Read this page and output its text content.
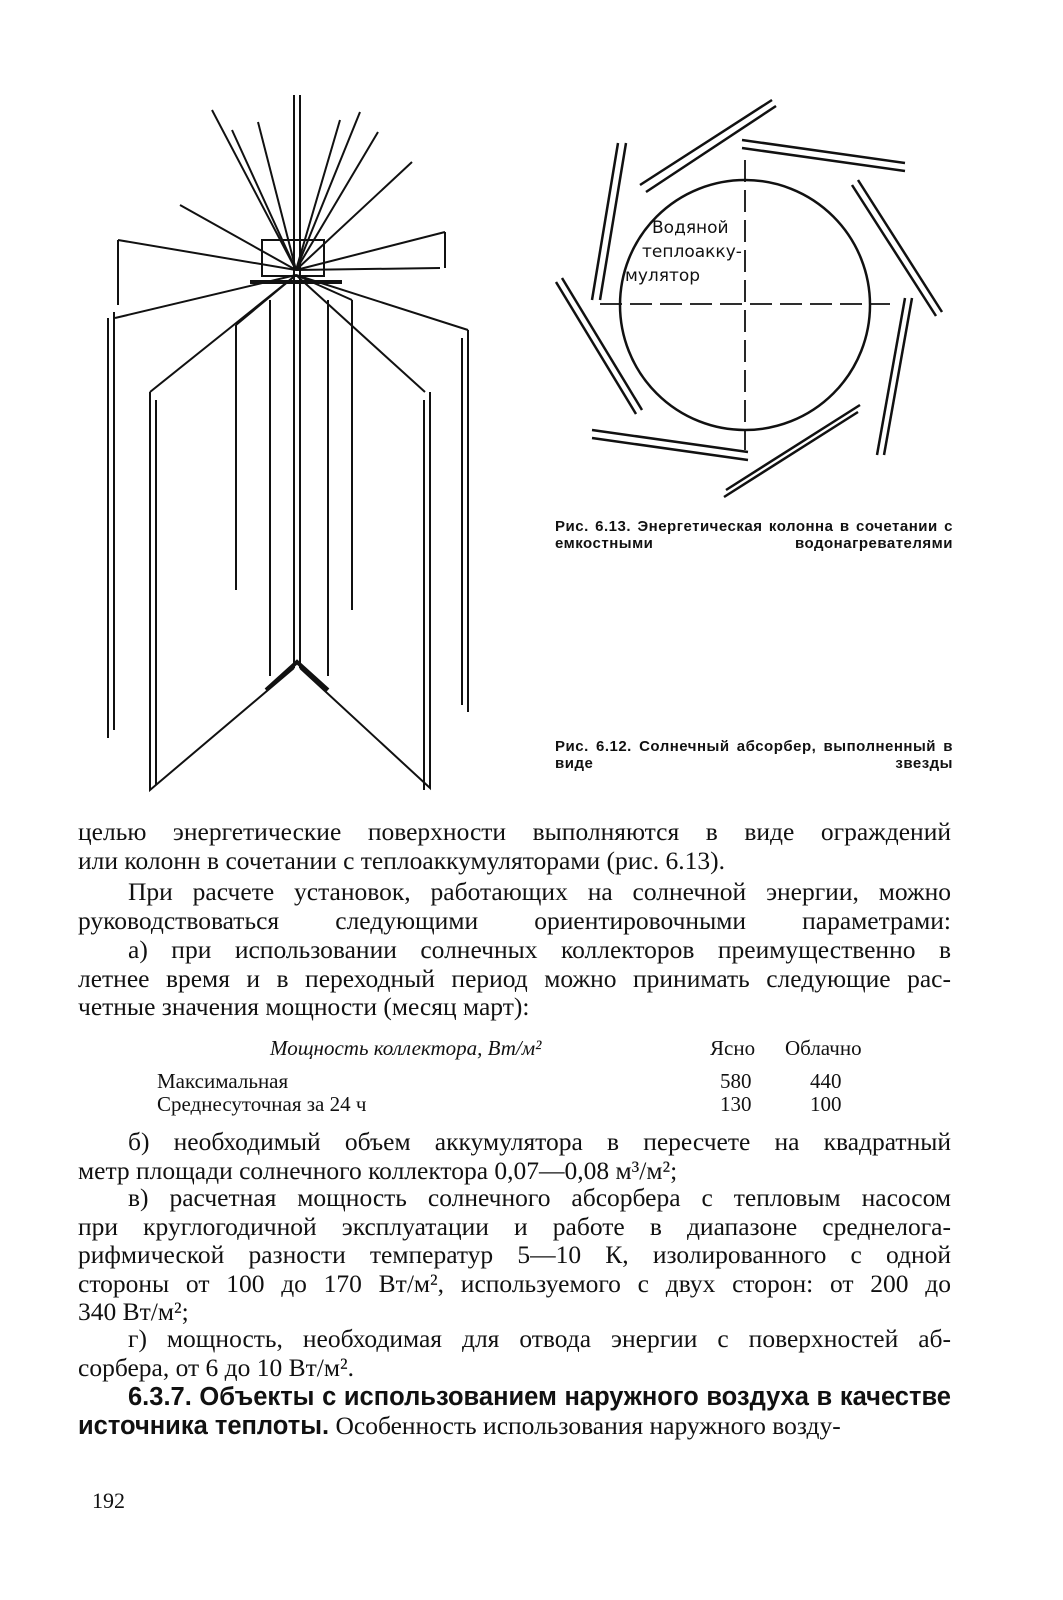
Водяной
теплоакку-
мулятор
Рис. 6.13. Энергетическая колонна в сочетании с емкостными водонагревателями
Рис. 6.12. Солнечный абсорбер, выполненный в виде звезды
целью энергетические поверхности выполняются в виде ограждений
или колонн в сочетании с теплоаккумуляторами (рис. 6.13).
При расчете установок, работающих на солнечной энергии, можно
руководствоваться следующими ориентировочными параметрами:
а) при использовании солнечных коллекторов преимущественно в
летнее время и в переходный период можно принимать следующие рас-
четные значения мощности (месяц март):
Мощность коллектора, Вт/м²	Ясно Облачно
Максимальная	580	440
Среднесуточная за 24 ч	130	100
б) необходимый объем аккумулятора в пересчете на квадратный
метр площади солнечного коллектора 0,07—0,08 м³/м²;
в) расчетная мощность солнечного абсорбера с тепловым насосом
при круглогодичной эксплуатации и работе в диапазоне среднелога-
рифмической разности температур 5—10 К, изолированного с одной
стороны от 100 до 170 Вт/м², используемого с двух сторон: от 200 до
340 Вт/м²;
г) мощность, необходимая для отвода энергии с поверхностей аб-
сорбера, от 6 до 10 Вт/м².
6.3.7. Объекты с использованием наружного воздуха в качестве
источника теплоты. Особенность использования наружного возду-
192
